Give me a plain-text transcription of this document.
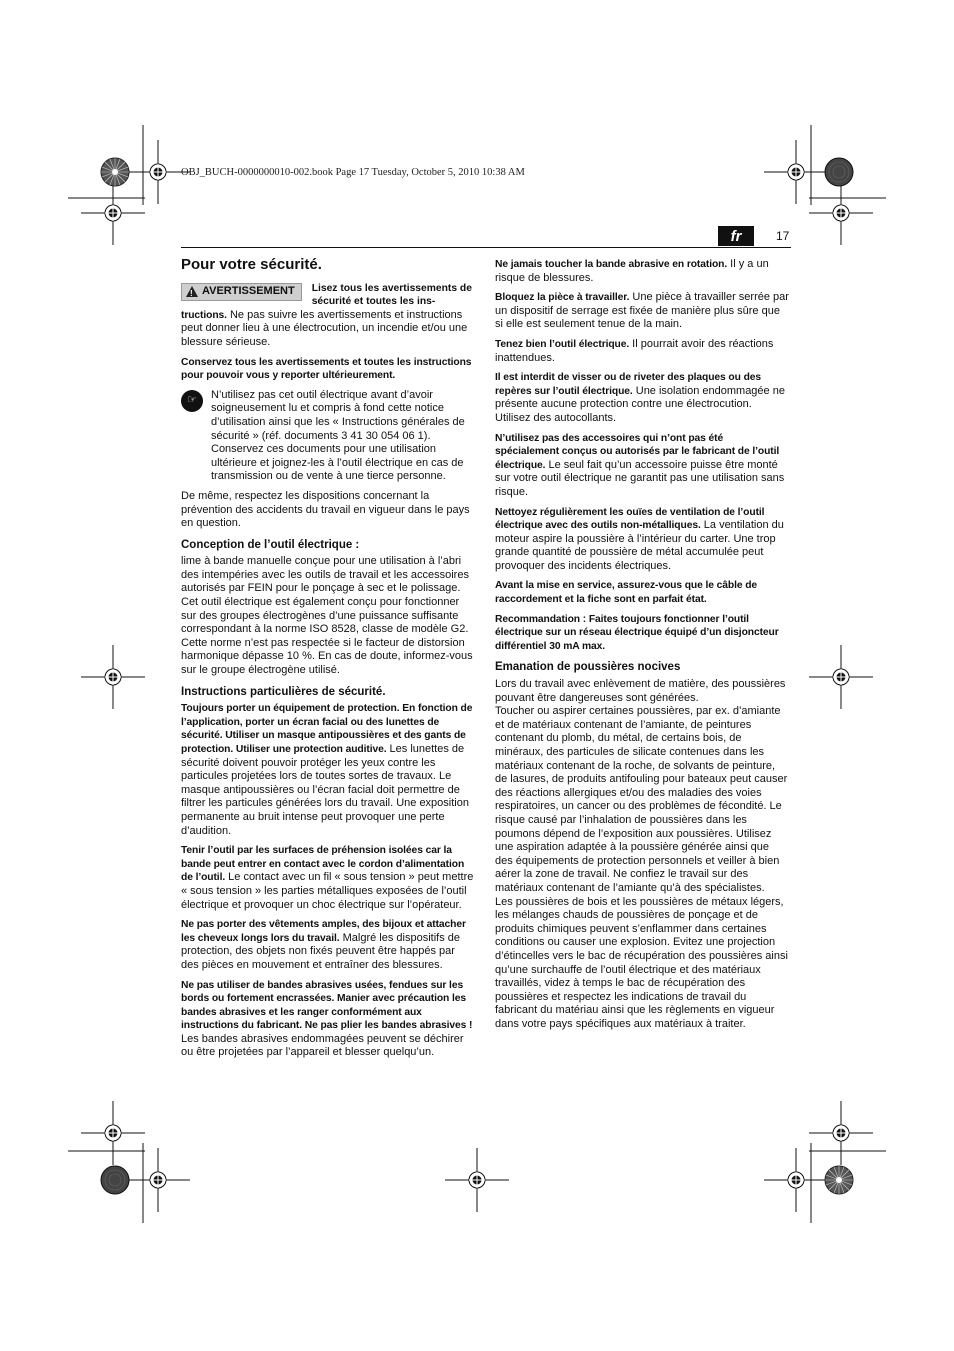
OBJ_BUCH-0000000010-002.book Page 17 Tuesday, October 5, 2010 10:38 AM
fr	17
Pour votre sécurité.
!
AVERTISSEMENT Lisez tous les avertissements de sécurité et toutes les ins-

tructions. Ne pas suivre les avertissements et instructions peut donner lieu à une électrocution, un incendie et/ou une blessure sérieuse.

Conservez tous les avertissements et toutes les instructions pour pouvoir vous y reporter ultérieurement.

☞	N’utilisez pas cet outil électrique avant d’avoir soigneusement lu et compris à fond cette notice d’utilisation ainsi que les « Instructions générales de sécurité » (réf. documents 3 41 30 054 06 1). Conservez ces documents pour une utilisation ultérieure et joignez-les à l’outil électrique en cas de transmission ou de vente à une tierce personne.

De même, respectez les dispositions concernant la prévention des accidents du travail en vigueur dans le pays en question.

Conception de l’outil électrique :

lime à bande manuelle conçue pour une utilisation à l’abri des intempéries avec les outils de travail et les accessoires autorisés par FEIN pour le ponçage à sec et le polissage.

Cet outil électrique est également conçu pour fonctionner sur des groupes électrogènes d’une puissance suffisante correspondant à la norme ISO 8528, classe de modèle G2. Cette norme n’est pas respectée si le facteur de distorsion harmonique dépasse 10 %. En cas de doute, informez-vous sur le groupe électrogène utilisé.

Instructions particulières de sécurité.

Toujours porter un équipement de protection. En fonction de l’application, porter un écran facial ou des lunettes de sécurité. Utiliser un masque antipoussières et des gants de protection. Utiliser une protection auditive. Les lunettes de sécurité doivent pouvoir protéger les yeux contre les particules projetées lors de toutes sortes de travaux. Le masque antipoussières ou l’écran facial doit permettre de filtrer les particules générées lors du travail. Une exposition permanente au bruit intense peut provoquer une perte d’audition.

Tenir l’outil par les surfaces de préhension isolées car la bande peut entrer en contact avec le cordon d’alimentation de l’outil. Le contact avec un fil « sous tension » peut mettre « sous tension » les parties métalliques exposées de l’outil électrique et provoquer un choc électrique sur l’opérateur.

Ne pas porter des vêtements amples, des bijoux et attacher les cheveux longs lors du travail. Malgré les dispositifs de protection, des objets non fixés peuvent être happés par des pièces en mouvement et entraîner des blessures.

Ne pas utiliser de bandes abrasives usées, fendues sur les bords ou fortement encrassées. Manier avec précaution les bandes abrasives et les ranger conformément aux instructions du fabricant. Ne pas plier les bandes abrasives ! Les bandes abrasives endommagées peuvent se déchirer ou être projetées par l’appareil et blesser quelqu’un.

Ne jamais toucher la bande abrasive en rotation. Il y a un risque de blessures.

Bloquez la pièce à travailler. Une pièce à travailler serrée par un dispositif de serrage est fixée de manière plus sûre que si elle est seulement tenue de la main.

Tenez bien l’outil électrique. Il pourrait avoir des réactions inattendues.

Il est interdit de visser ou de riveter des plaques ou des repères sur l’outil électrique. Une isolation endommagée ne présente aucune protection contre une électrocution. Utilisez des autocollants.

N’utilisez pas des accessoires qui n’ont pas été spécialement conçus ou autorisés par le fabricant de l’outil électrique. Le seul fait qu’un accessoire puisse être monté sur votre outil électrique ne garantit pas une utilisation sans risque.

Nettoyez régulièrement les ouïes de ventilation de l’outil électrique avec des outils non-métalliques. La ventilation du moteur aspire la poussière à l’intérieur du carter. Une trop grande quantité de poussière de métal accumulée peut provoquer des incidents électriques.

Avant la mise en service, assurez-vous que le câble de raccordement et la fiche sont en parfait état.

Recommandation : Faites toujours fonctionner l’outil électrique sur un réseau électrique équipé d’un disjoncteur différentiel 30 mA max.

Emanation de poussières nocives

Lors du travail avec enlèvement de matière, des poussières pouvant être dangereuses sont générées.

Toucher ou aspirer certaines poussières, par ex. d’amiante et de matériaux contenant de l’amiante, de peintures contenant du plomb, du métal, de certains bois, de minéraux, des particules de silicate contenues dans les matériaux contenant de la roche, de solvants de peinture, de lasures, de produits antifouling pour bateaux peut causer des réactions allergiques et/ou des maladies des voies respiratoires, un cancer ou des problèmes de fécondité. Le risque causé par l’inhalation de poussières dans les poumons dépend de l’exposition aux poussières. Utilisez une aspiration adaptée à la poussière générée ainsi que des équipements de protection personnels et veiller à bien aérer la zone de travail. Ne confiez le travail sur des matériaux contenant de l’amiante qu’à des spécialistes.

Les poussières de bois et les poussières de métaux légers, les mélanges chauds de poussières de ponçage et de produits chimiques peuvent s’enflammer dans certaines conditions ou causer une explosion. Evitez une projection d’étincelles vers le bac de récupération des poussières ainsi qu’une surchauffe de l’outil électrique et des matériaux travaillés, videz à temps le bac de récupération des poussières et respectez les indications de travail du fabricant du matériau ainsi que les règlements en vigueur dans votre pays spécifiques aux matériaux à traiter.
